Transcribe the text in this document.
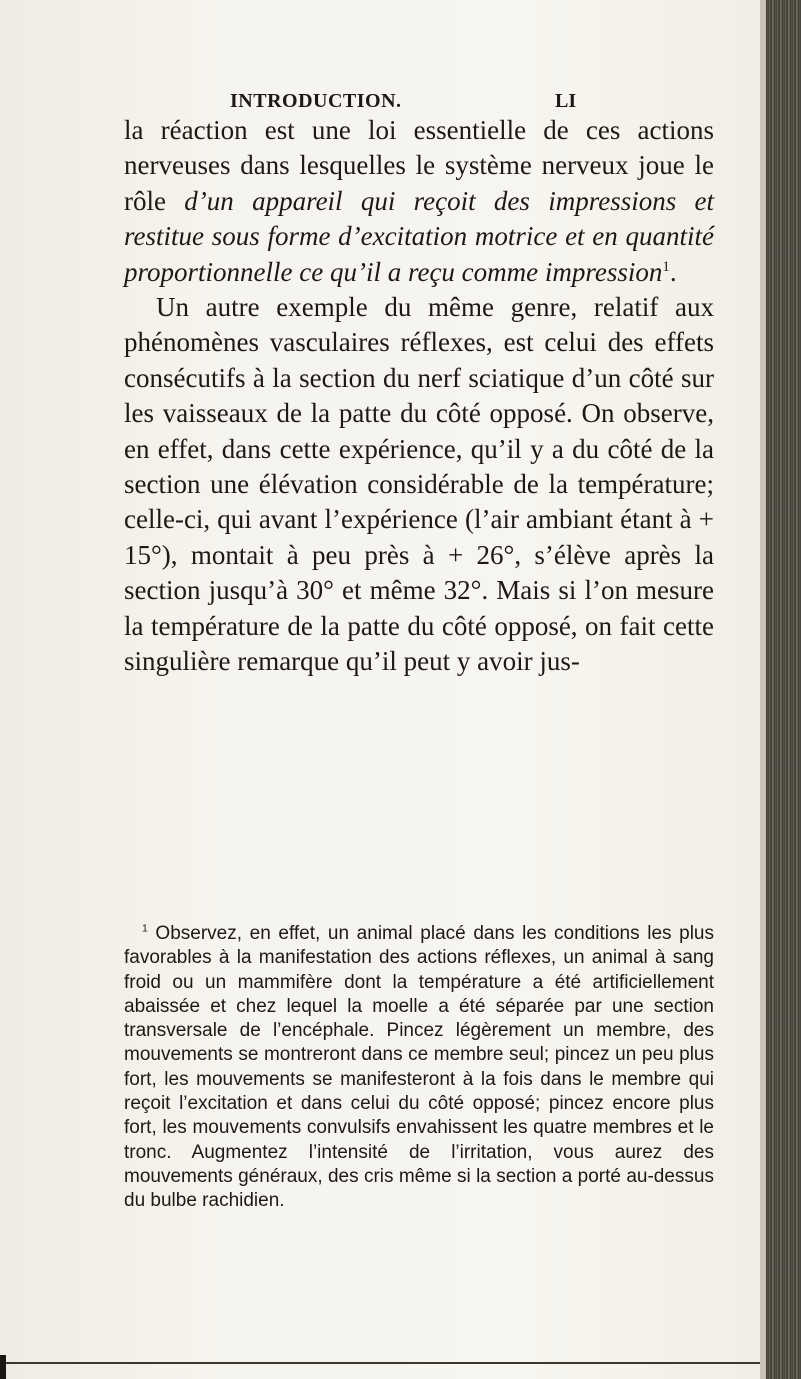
INTRODUCTION.	LI

la réaction est une loi essentielle de ces actions nerveuses dans lesquelles le système nerveux joue le rôle d’un appareil qui reçoit des impressions et restitue sous forme d’excitation motrice et en quantité proportionnelle ce qu’il a reçu comme impression$^1$.

Un autre exemple du même genre, relatif aux phénomènes vasculaires réflexes, est celui des effets consécutifs à la section du nerf sciatique d’un côté sur les vaisseaux de la patte du côté opposé. On observe, en effet, dans cette expérience, qu’il y a du côté de la section une élévation considérable de la température; celle-ci, qui avant l’expérience (l’air ambiant étant à + 15°), montait à peu près à + 26°, s’élève après la section jusqu’à 30° et même 32°. Mais si l’on mesure la température de la patte du côté opposé, on fait cette singulière remarque qu’il peut y avoir jus-

$^1$ Observez, en effet, un animal placé dans les conditions les plus favorables à la manifestation des actions réflexes, un animal à sang froid ou un mammifère dont la température a été artificiellement abaissée et chez lequel la moelle a été séparée par une section transversale de l’encéphale. Pincez légèrement un membre, des mouvements se montreront dans ce membre seul; pincez un peu plus fort, les mouvements se manifesteront à la fois dans le membre qui reçoit l’excitation et dans celui du côté opposé; pincez encore plus fort, les mouvements convulsifs envahissent les quatre membres et le tronc. Augmentez l’intensité de l’irritation, vous aurez des mouvements généraux, des cris même si la section a porté au-dessus du bulbe rachidien.
